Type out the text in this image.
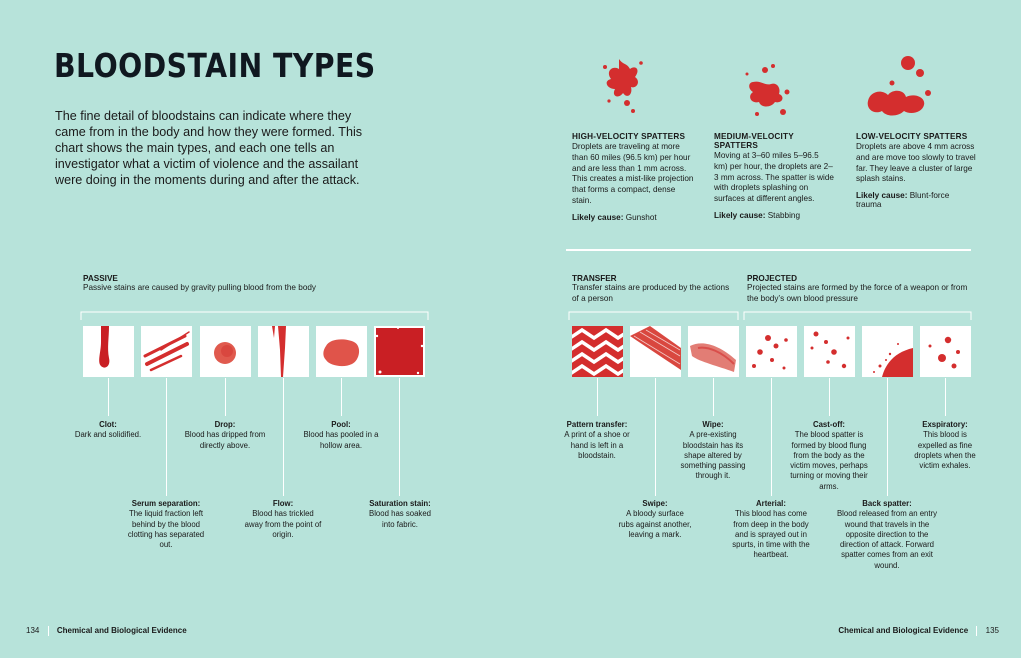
BLOODSTAIN TYPES
The fine detail of bloodstains can indicate where they came from in the body and how they were formed. This chart shows the main types, and each one tells an investigator what a victim of violence and the assailant were doing in the moments during and after the attack.
HIGH-VELOCITY SPATTERS
Droplets are traveling at more than 60 miles (96.5 km) per hour and are less than 1 mm across. This creates a mist-like projection that forms a compact, dense stain.
Likely cause: Gunshot
MEDIUM-VELOCITY SPATTERS
Moving at 3–60 miles 5–96.5 km) per hour, the droplets are 2–3 mm across. The spatter is wide with droplets splashing on surfaces at different angles.
Likely cause: Stabbing
LOW-VELOCITY SPATTERS
Droplets are above 4 mm across and are move too slowly to travel far. They leave a cluster of large splash stains.
Likely cause: Blunt-force trauma
PASSIVE
Passive stains are caused by gravity pulling blood from the body
TRANSFER
Transfer stains are produced by the actions of a person
PROJECTED
Projected stains are formed by the force of a weapon or from the body’s own blood pressure
Clot:
Dark and solidified.
Drop:
Blood has dripped from directly above.
Pool:
Blood has pooled in a hollow area.
Pattern transfer:
A print of a shoe or hand is left in a bloodstain.
Wipe:
A pre-existing bloodstain has its shape altered by something passing through it.
Cast-off:
The blood spatter is formed by blood flung from the body as the victim moves, perhaps turning or moving their arms.
Exspiratory:
This blood is expelled as fine droplets when the victim exhales.
Serum separation:
The liquid fraction left behind by the blood clotting has separated out.
Flow:
Blood has trickled away from the point of origin.
Saturation stain:
Blood has soaked into fabric.
Swipe:
A bloody surface rubs against another, leaving a mark.
Arterial:
This blood has come from deep in the body and is sprayed out in spurts, in time with the heartbeat.
Back spatter:
Blood released from an entry wound that travels in the opposite direction to the direction of attack. Forward spatter comes from an exit wound.
134 Chemical and Biological Evidence	Chemical and Biological Evidence 135
